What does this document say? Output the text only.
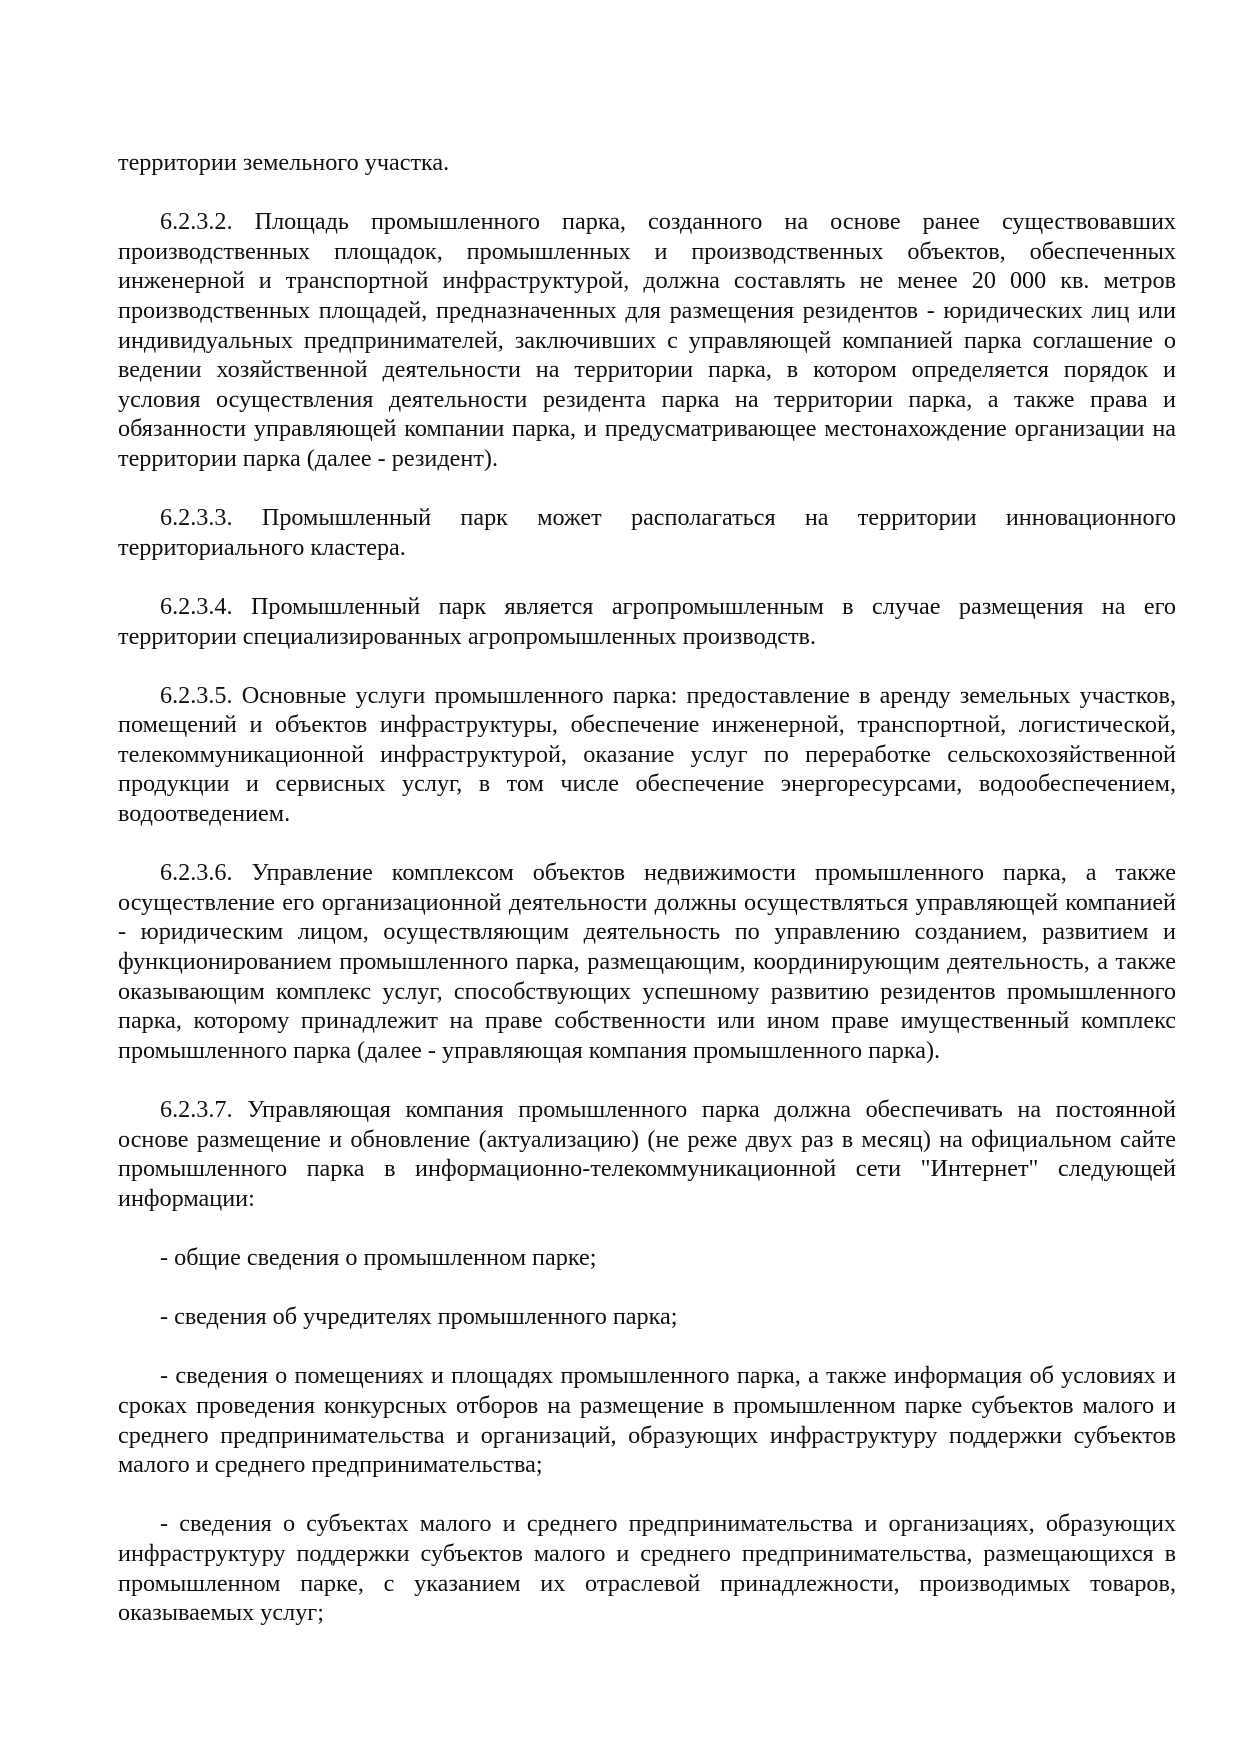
территории земельного участка.

6.2.3.2. Площадь промышленного парка, созданного на основе ранее существовавших производственных площадок, промышленных и производственных объектов, обеспеченных инженерной и транспортной инфраструктурой, должна составлять не менее 20 000 кв. метров производственных площадей, предназначенных для размещения резидентов - юридических лиц или индивидуальных предпринимателей, заключивших с управляющей компанией парка соглашение о ведении хозяйственной деятельности на территории парка, в котором определяется порядок и условия осуществления деятельности резидента парка на территории парка, а также права и обязанности управляющей компании парка, и предусматривающее местонахождение организации на территории парка (далее - резидент).

6.2.3.3. Промышленный парк может располагаться на территории инновационного территориального кластера.

6.2.3.4. Промышленный парк является агропромышленным в случае размещения на его территории специализированных агропромышленных производств.

6.2.3.5. Основные услуги промышленного парка: предоставление в аренду земельных участков, помещений и объектов инфраструктуры, обеспечение инженерной, транспортной, логистической, телекоммуникационной инфраструктурой, оказание услуг по переработке сельскохозяйственной продукции и сервисных услуг, в том числе обеспечение энергоресурсами, водообеспечением, водоотведением.

6.2.3.6. Управление комплексом объектов недвижимости промышленного парка, а также осуществление его организационной деятельности должны осуществляться управляющей компанией - юридическим лицом, осуществляющим деятельность по управлению созданием, развитием и функционированием промышленного парка, размещающим, координирующим деятельность, а также оказывающим комплекс услуг, способствующих успешному развитию резидентов промышленного парка, которому принадлежит на праве собственности или ином праве имущественный комплекс промышленного парка (далее - управляющая компания промышленного парка).

6.2.3.7. Управляющая компания промышленного парка должна обеспечивать на постоянной основе размещение и обновление (актуализацию) (не реже двух раз в месяц) на официальном сайте промышленного парка в информационно-телекоммуникационной сети "Интернет" следующей информации:

- общие сведения о промышленном парке;

- сведения об учредителях промышленного парка;

- сведения о помещениях и площадях промышленного парка, а также информация об условиях и сроках проведения конкурсных отборов на размещение в промышленном парке субъектов малого и среднего предпринимательства и организаций, образующих инфраструктуру поддержки субъектов малого и среднего предпринимательства;

- сведения о субъектах малого и среднего предпринимательства и организациях, образующих инфраструктуру поддержки субъектов малого и среднего предпринимательства, размещающихся в промышленном парке, с указанием их отраслевой принадлежности, производимых товаров, оказываемых услуг;
